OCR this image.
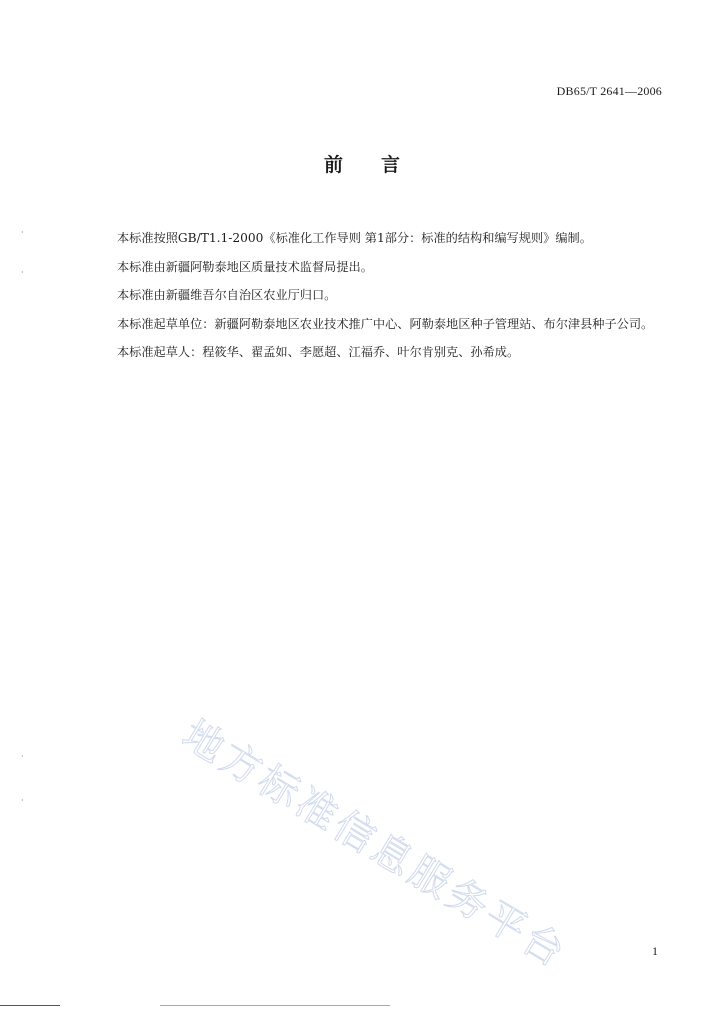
DB65/T 2641—2006
前 言

本标准按照GB/T1.1-2000《标准化工作导则 第1部分：标准的结构和编写规则》编制。

本标准由新疆阿勒泰地区质量技术监督局提出。

本标准由新疆维吾尔自治区农业厅归口。

本标准起草单位：新疆阿勒泰地区农业技术推广中心、阿勒泰地区种子管理站、布尔津县种子公司。

本标准起草人：程筱华、翟孟如、李愿超、江福乔、叶尔肯别克、孙希成。

·
·
·
·	地方标准信息服务平台	1
